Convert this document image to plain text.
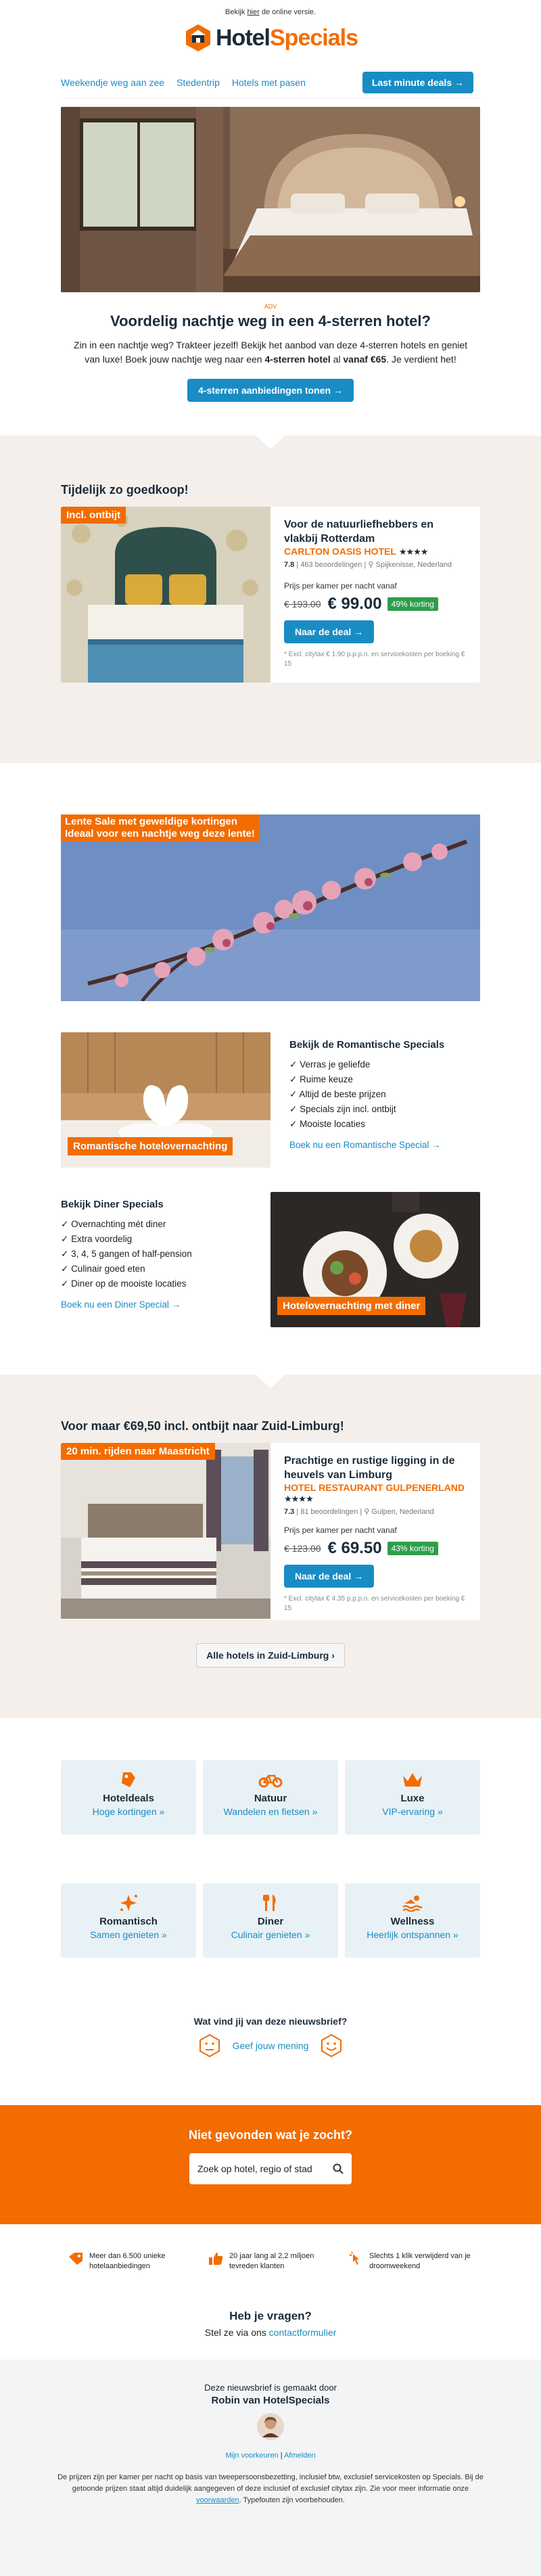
Bekijk hier de online versie.
Hotel Specials
Weekendje weg aan zee Stedentrip Hotels met pasen	Last minute deals →
ADV
Voordelig nachtje weg in een 4-sterren hotel?

Zin in een nachtje weg? Trakteer jezelf! Bekijk het aanbod van deze 4-sterren hotels en geniet van luxe! Boek jouw nachtje weg naar een 4-sterren hotel al vanaf €65. Je verdient het!

4-sterren aanbiedingen tonen →
Tijdelijk zo goedkoop!
Incl. ontbijt
Voor de natuurliefhebbers en vlakbij Rotterdam
CARLTON OASIS HOTEL ★★★★
7.8 | 463 beoordelingen | ⚲ Spijkenisse, Nederland
Prijs per kamer per nacht vanaf
€ 193.00 € 99.00	49% korting
Naar de deal →
* Excl. citytax € 1.90 p.p.p.n. en servicekosten per boeking € 15
Lente Sale met geweldige kortingen
Ideaal voor een nachtje weg deze lente!
Romantische hotelovernachting
Bekijk de Romantische Specials
✓ Verras je geliefde
✓ Ruime keuze
✓ Altijd de beste prijzen
✓ Specials zijn incl. ontbijt
✓ Mooiste locaties
Boek nu een Romantische Special →
Bekijk Diner Specials
✓ Overnachting mét diner
✓ Extra voordelig
✓ 3, 4, 5 gangen of half-pension
✓ Culinair goed eten
✓ Diner op de mooiste locaties
Boek nu een Diner Special →	Hotelovernachting met diner
Voor maar €69,50 incl. ontbijt naar Zuid-Limburg!
20 min. rijden naar Maastricht
Prachtige en rustige ligging in de heuvels van Limburg
HOTEL RESTAURANT GULPENERLAND ★★★★
7.3 | 81 beoordelingen | ⚲ Gulpen, Nederland
Prijs per kamer per nacht vanaf
€ 123.00 € 69.50	43% korting
Naar de deal →
* Excl. citytax € 4.35 p.p.p.n. en servicekosten per boeking € 15
Alle hotels in Zuid-Limburg ›
Hoteldeals
Hoge kortingen »
Natuur
Wandelen en fietsen »
Luxe
VIP-ervaring »
Romantisch
Samen genieten »
Diner
Culinair genieten »
Wellness
Heerlijk ontspannen »
Wat vind jij van deze nieuwsbrief?
Geef jouw mening
Niet gevonden wat je zocht?
Zoek op hotel, regio of stad
Meer dan 6.500 unieke hotelaanbiedingen
20 jaar lang al 2,2 miljoen tevreden klanten
Slechts 1 klik verwijderd van je droomweekend
Heb je vragen?
Stel ze via ons contactformulier
Deze nieuwsbrief is gemaakt door
Robin van HotelSpecials
Mijn voorkeuren | Afmelden

De prijzen zijn per kamer per nacht op basis van tweepersoonsbezetting, inclusief btw, exclusief servicekosten op Specials. Bij de getoonde prijzen staat altijd duidelijk aangegeven of deze inclusief of exclusief citytax zijn. Zie voor meer informatie onze voorwaarden. Typefouten zijn voorbehouden.
